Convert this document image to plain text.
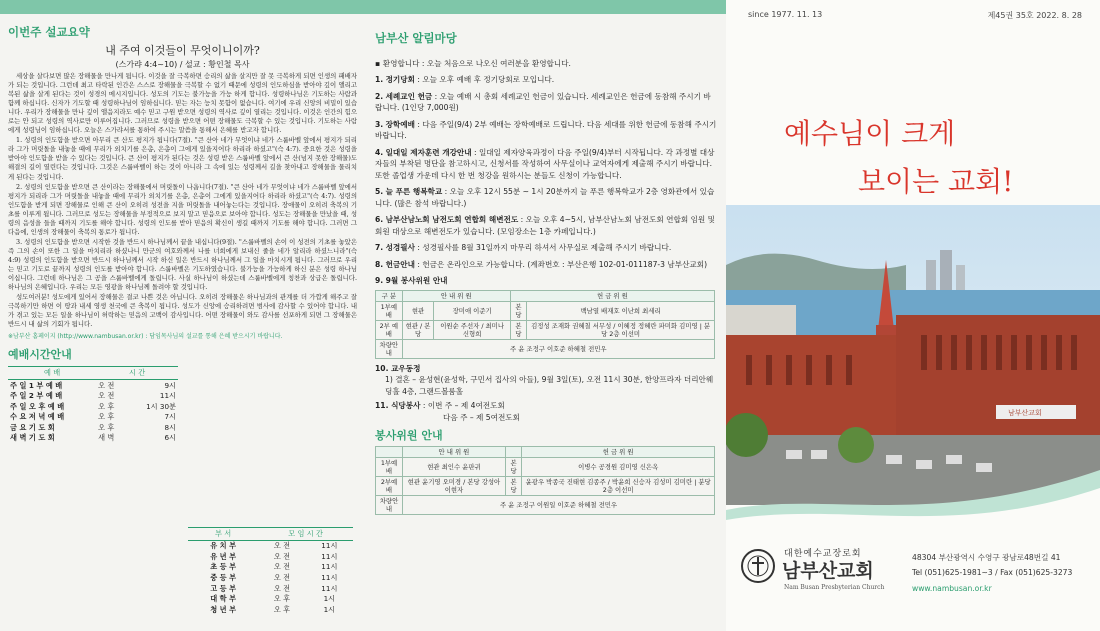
이번주 설교요약
내 주여 이것들이 무엇이니이까?
(스가랴 4:4~10) / 설교 : 황인철 목사

세상을 살다보면 많은 장해물을 만나게 됩니다. 이것을 잘 극복하면 승리의 삶을 살지만 잘 못 극복하게 되면 인생의 패배자가 되는 것입니다. 그런데 최고 타락된 인간은 스스로 장해물을 극복할 수 없기 때문에 성령의 인도하심을 받아야 깊이 앨리고 복된 삶을 살게 된다는 것이 성경의 메시지입니다. 성도의 기도는 불가능을 가능 하게 합니다. 성령하나님은 기도하는 사람과 함께 하십니다. 신자가 기도할 때 성령하나님이 임하십니다. 믿는 자는 능치 못함이 없습니다. 여기에 우리 신앙의 비밀이 있습니다. 우리가 장해물을 만나 깊이 앨음지라도 예수 믿고 구원 받으면 성령의 역사로 깊이 열리는 것입니다. 이것은 인간의 힘으로는 안 되고 성령의 역사로만 이루어집니다. 그러므로 성령을 받으면 어떤 장해물도 극복할 수 있는 것입니다. 기도하는 사람에게 성령님이 임하십니다. 오늘은 스가랴서를 통하여 주시는 말씀을 통해서 은혜를 받고자 합니다.

1. 성령의 인도함을 받으면 아무리 큰 산도 평지가 됩니다(7절). "큰 산아 네가 무엇이냐 네가 스룹바벨 앞에서 평지가 되리라 그가 머릿돌을 내놓을 때에 무리가 외치기를 은총, 은총이 그에게 있을지어다 하리라 하셨고"(슥 4:7). 중요한 것은 성령을 받아야 인도함을 받을 수 있다는 것입니다. 큰 산이 평지가 된다는 것은 성령 받은 스룹바벨 앞에서 큰 산(넘지 못한 장해물)도 해결의 길이 열린다는 것입니다. 그것은 스룹바벨이 하는 것이 아니라 그 속에 있는 성령께서 길을 찾아내고 장해물을 물리치게 된다는 것입니다.

2. 성령의 인도함을 받으면 큰 산이라는 장해물에서 머릿돌이 나옵니다(7절). "큰 산아 네가 무엇이냐 네가 스룹바벨 앞에서 평지가 되리라 그가 머릿돌을 내놓을 때에 무리가 외치기를 은총, 은총이 그에게 있을지어다 하리라 하셨고"(슥 4:7). 성령의 인도함을 받게 되면 장해물로 인해 큰 산이 오히려 성전을 지을 머릿돌을 내어놓는다는 것입니다. 장애물이 오히려 축복의 기초를 이루게 됩니다. 그러므로 성도는 장해물을 부정적으로 보지 말고 믿음으로 보아야 합니다. 성도는 장해물을 만났을 때, 성령의 음성을 들을 때까지 기도를 해야 합니다. 성령의 인도를 받아 믿음의 확신이 생길 때까지 기도를 해야 합니다. 그러면 그 다음에, 인생의 장해물이 축복의 통로가 됩니다.

3. 성령의 인도함을 받으면 시작한 것을 반드시 하나님께서 끝을 내십니다(9절). "스룹바벨의 손이 이 성전의 기초를 놓았은즉 그의 손이 또한 그 일을 마치리라 하셨나니 만군의 여호와께서 나를 너희에게 보내신 줄을 네가 알리라 하셨느니라"(슥 4:9) 성령의 인도함을 받으면 반드시 하나님께서 시작 하신 일은 반드시 하나님께서 그 일을 마치시게 됩니다. 그러므로 우리는 믿고 기도로 끝까지 성령의 인도를 받아야 합니다. 스룹바벨은 기도하였습니다. 불가능을 가능하게 하신 분은 성령 하나님이십니다. 그런데 하나님은 그 공을 스룹바벨에게 돌립니다. 사실 하나님이 하셨는데 스룹바벨에게 칭찬과 상급은 돌립니다. 하나님의 은혜입니다. 우리는 모든 영광을 하나님께 돌려야 할 것입니다.

성도여러분! 성도에게 있어서 장해물은 결코 나쁜 것은 아닙니다. 오히려 장해물은 하나님과의 관계를 더 가깝게 해주고 잘 극복하기만 하면 이 땅과 내세 영생 천국에 큰 축복이 됩니다. 성도가 신앙에 승리하려면 범사에 감사할 수 있어야 합니다. 내가 겪고 있는 모든 일을 하나님이 허락하는 믿음의 고백이 감사입니다. 어떤 장해물이 와도 감사를 선포하게 되면 그 장해물은 반드시 내 삶의 기회가 됩니다.

※남부산 홈페이지 (http://www.nambusan.or.kr) : 담임목사님의 설교를 통해 은혜 받으시기 바랍니다.
예배시간안내
예 배	시 간	
주 일 1 부 예 배	오 전	9시
주 일 2 부 예 배	오 전	11시
주 일 오 후 예 배	오 후	1시 30분
수 요 저 녁 예 배	오 후	7시
금 요 기 도 회	오 후	8시
새 벽 기 도 회	새 벽	6시
부 서	모 임 시 간	
유 치 부	오 전	11시
유 년 부	오 전	11시
초 등 부	오 전	11시
중 등 부	오 전	11시
고 등 부	오 전	11시
대 학 부	오 후	1시
청 년 부	오 후	1시
남부산 알림마당
▪ 환영합니다 : 오늘 처음으로 나오신 여러분을 환영합니다.
1. 정기당회 : 오늘 오후 예배 후 정기당회로 모입니다.
2. 세례교인 헌금 : 오늘 예배 시 총회 세례교인 헌금이 있습니다. 세례교인은 헌금에 동참해 주시기 바랍니다. (1인당 7,000원)
3. 장학예배 : 다음 주일(9/4) 2부 예배는 장학예배로 드립니다. 다음 세대를 위한 헌금에 동참해 주시기 바랍니다.
4. 일대일 제자훈련 개강안내 : 일대일 제자양육과정이 다음 주일(9/4)부터 시작됩니다. 각 과정별 대상자들의 부착된 명단을 참고하시고, 신청서를 작성하여 사무실이나 교역자에게 제출해 주시기 바랍니다. 또한 졸업생 가운데 다시 한 번 청강을 원하시는 분들도 신청이 가능합니다.
5. 늘 푸른 행복학교 : 오늘 오후 12시 55분 ~ 1시 20분까지 늘 푸른 행복학교가 2층 영화관에서 있습니다. (많은 참석 바랍니다.)
6. 남부산남노회 남전도회 연합회 해변전도 : 오늘 오후 4~5시, 남부산남노회 남전도회 연합회 임원 및 회원 대상으로 해변전도가 있습니다. (모임장소는 1층 카페입니다.)
7. 성경필사 : 성경필사를 8월 31일까지 마무리 하셔서 사무실로 제출해 주시기 바랍니다.
8. 헌금안내 : 헌금은 온라인으로 가능합니다. (계좌번호 : 부산은행 102-01-011187-3 남부산교회)
9. 9월 봉사위원 안내
구 분	안 내 위 원		헌 금 위 원	
1부예배	현관	장미애 이준기	본당	백남열 배재호 이난희 최세리
2부 예배	현관 / 본당	이원순 주선자 / 최미나 신형희	본당	김정성 조재화 권혜칠 서무성 / 이혜정 정혜란 파미화 김미영 | 분당 2층 이선미
차량안내	주 윤 조정구 이호준 하혜철 전민우			
10. 교우동정
1) 결혼 – 윤성현(윤성학, 구민서 집사의 아들), 9월 3일(토), 오전 11시 30분, 한양프라자 더리안웨딩홀 4층, 그랜드볼룸홀
11. 식당봉사 : 이번 주 – 제 4여전도회
다음 주 – 제 5여전도회
봉사위원 안내
	안 내 위 원		헌 금 위 원
1부예배	현관 최인수 윤판귀	본당	이병수 공경원 김미영 신은옥
2부예배	현관 윤기영 오미경 / 본당 강성아 이현자	본당	윤광우 박종국 진태현 김종주 / 박윤희 신승자 김성미 김미란 | 분당 2층 이선미
차량안내	주 윤 조정구 이원일 이호준 하혜철 전민우		
since 1977. 11. 13	제45권 35호 2022. 8. 28
예수님이 크게
보이는 교회!
남부산교회
대한예수교장로회
남부산교회
Nam Busan Presbyterian Church
48304 부산광역시 수영구 광남로48번길 41
Tel (051)625-1981~3 / Fax (051)625-3273
www.nambusan.or.kr
